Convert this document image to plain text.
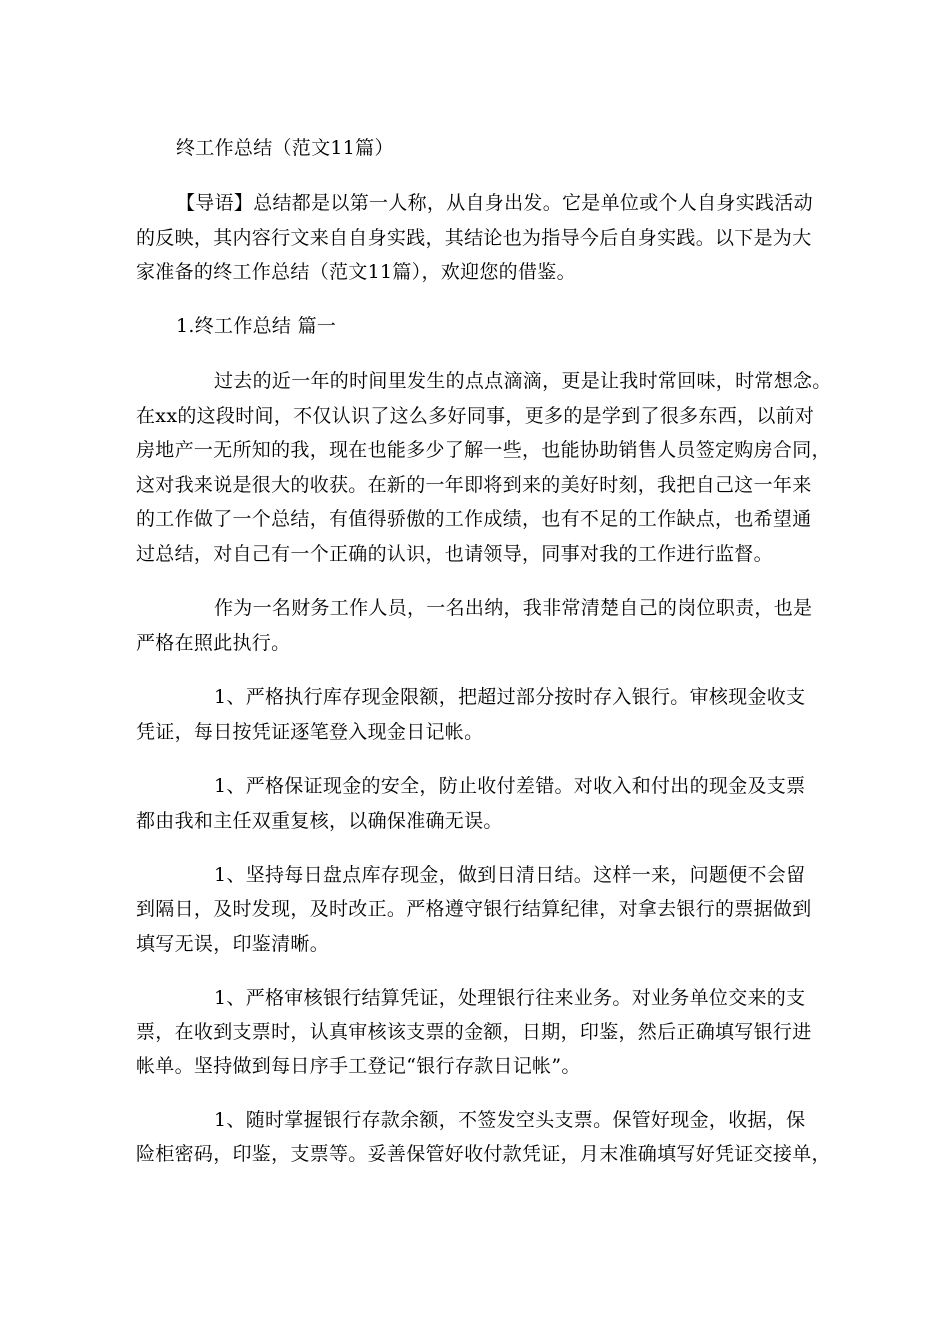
终工作总结（范文11篇）
【导语】总结都是以第一人称，从自身出发。它是单位或个人自身实践活动
的反映，其内容行文来自自身实践，其结论也为指导今后自身实践。以下是为大
家准备的终工作总结（范文11篇），欢迎您的借鉴。
1.终工作总结 篇一
过去的近一年的时间里发生的点点滴滴，更是让我时常回味，时常想念。
在xx的这段时间，不仅认识了这么多好同事，更多的是学到了很多东西，以前对
房地产一无所知的我，现在也能多少了解一些，也能协助销售人员签定购房合同，
这对我来说是很大的收获。在新的一年即将到来的美好时刻，我把自己这一年来
的工作做了一个总结，有值得骄傲的工作成绩，也有不足的工作缺点，也希望通
过总结，对自己有一个正确的认识，也请领导，同事对我的工作进行监督。
作为一名财务工作人员，一名出纳，我非常清楚自己的岗位职责，也是
严格在照此执行。
1、严格执行库存现金限额，把超过部分按时存入银行。审核现金收支
凭证，每日按凭证逐笔登入现金日记帐。
1、严格保证现金的安全，防止收付差错。对收入和付出的现金及支票
都由我和主任双重复核，以确保准确无误。
1、坚持每日盘点库存现金，做到日清日结。这样一来，问题便不会留
到隔日，及时发现，及时改正。严格遵守银行结算纪律，对拿去银行的票据做到
填写无误，印鉴清晰。
1、严格审核银行结算凭证，处理银行往来业务。对业务单位交来的支
票，在收到支票时，认真审核该支票的金额，日期，印鉴，然后正确填写银行进
帐单。坚持做到每日序手工登记“银行存款日记帐”。
1、随时掌握银行存款余额，不签发空头支票。保管好现金，收据，保
险柜密码，印鉴，支票等。妥善保管好收付款凭证，月末准确填写好凭证交接单，
